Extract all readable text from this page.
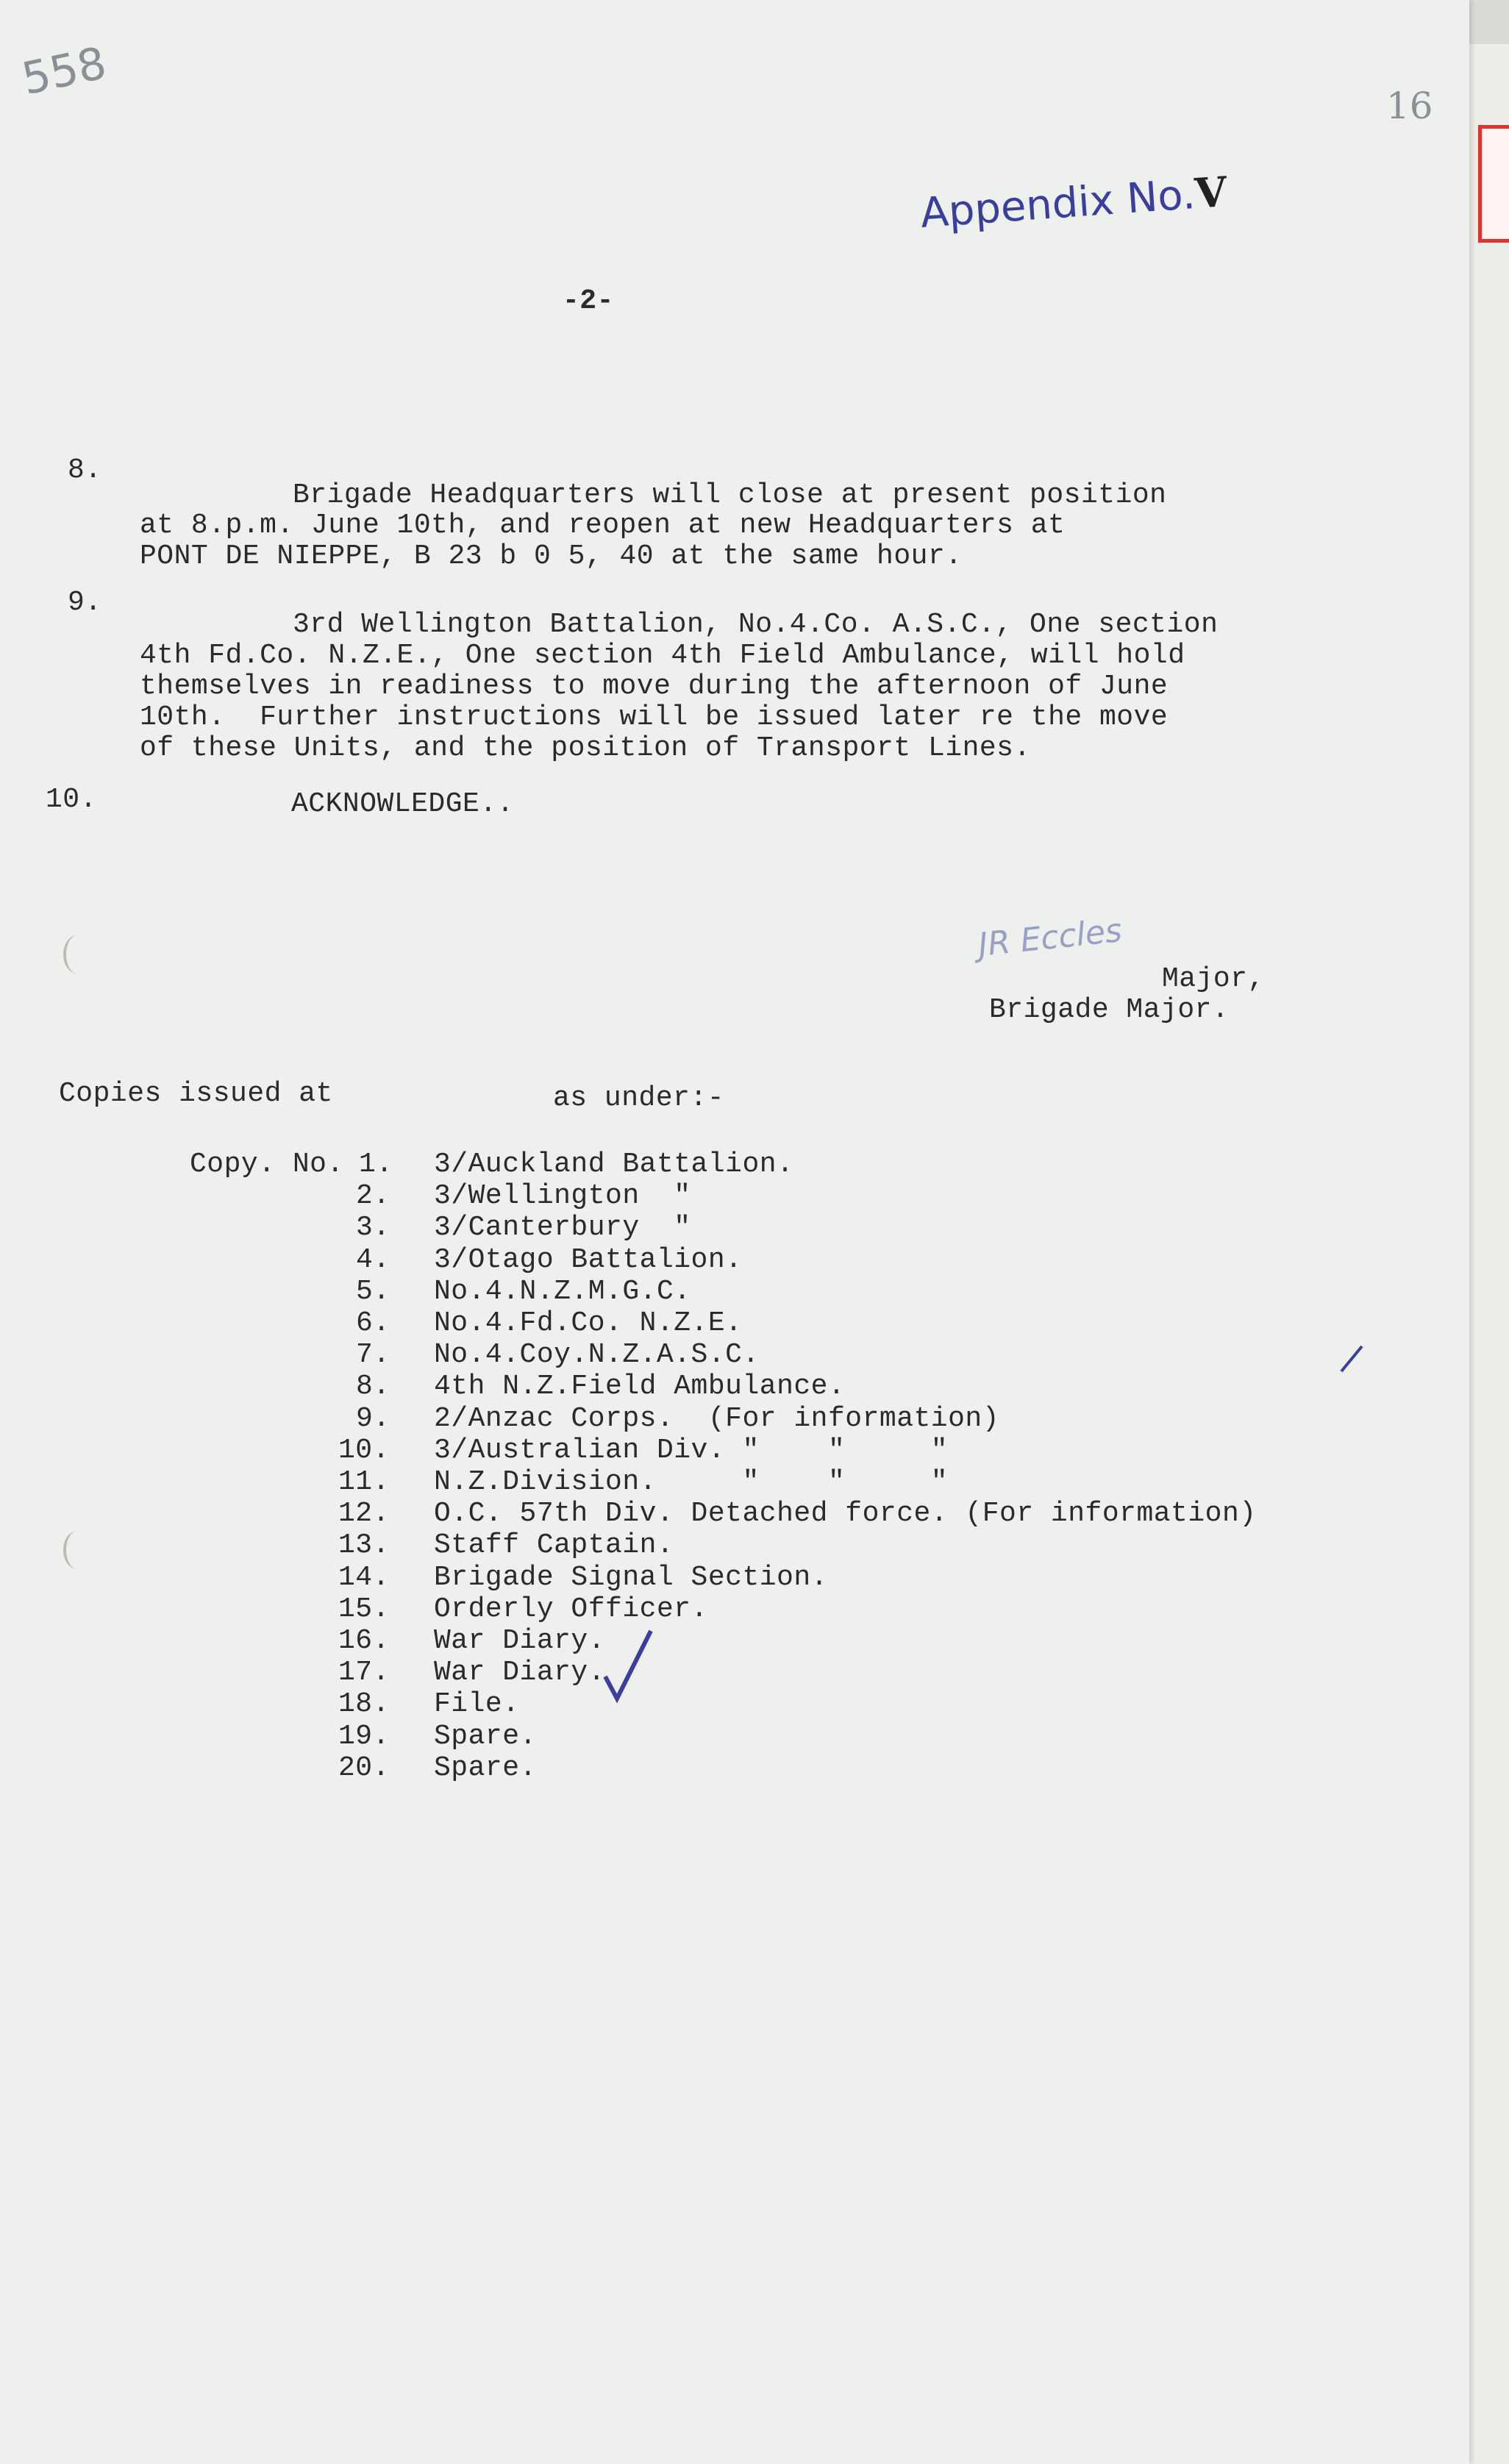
558
16

Appendix No.V

-2-
8.
Brigade Headquarters will close at present position
at 8.p.m. June 10th, and reopen at new Headquarters at
PONT DE NIEPPE, B 23 b 0 5, 40 at the same hour.
9.
3rd Wellington Battalion, No.4.Co. A.S.C., One section
4th Fd.Co. N.Z.E., One section 4th Field Ambulance, will hold
themselves in readiness to move during the afternoon of June
10th.  Further instructions will be issued later re the move
of these Units, and the position of Transport Lines.
10.	ACKNOWLEDGE..
JR Eccles
Major,
Brigade Major.
Copies issued at	as under:-
Copy. No. 1. 3/Auckland Battalion.
2. 3/Wellington  "
3. 3/Canterbury  "
4. 3/Otago Battalion.
5. No.4.N.Z.M.G.C.
6. No.4.Fd.Co. N.Z.E.
7. No.4.Coy.N.Z.A.S.C.
8. 4th N.Z.Field Ambulance.
9. 2/Anzac Corps.  (For information)
10. 3/Australian Div. "    "     "
11. N.Z.Division.     "    "     "
12. O.C. 57th Div. Detached force. (For information)
13. Staff Captain.
14. Brigade Signal Section.
15. Orderly Officer.
16. War Diary.
17. War Diary.
18. File.
19. Spare.
20. Spare.
